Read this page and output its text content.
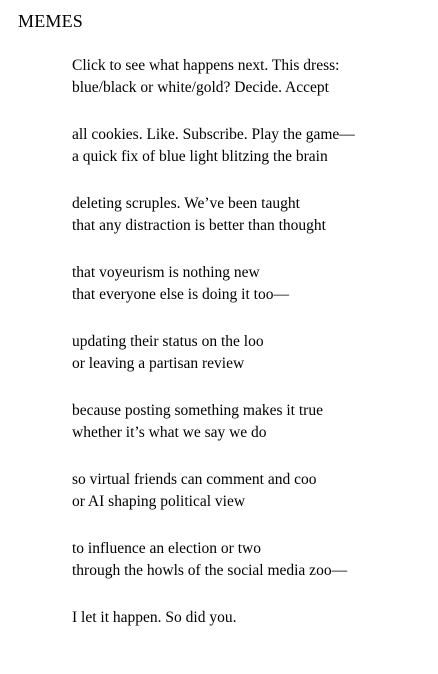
MEMES
Click to see what happens next. This dress:
blue/black or white/gold? Decide. Accept
all cookies. Like. Subscribe. Play the game—
a quick fix of blue light blitzing the brain
deleting scruples. We’ve been taught
that any distraction is better than thought
that voyeurism is nothing new
that everyone else is doing it too—
updating their status on the loo
or leaving a partisan review
because posting something makes it true
whether it’s what we say we do
so virtual friends can comment and coo
or AI shaping political view
to influence an election or two
through the howls of the social media zoo—
I let it happen. So did you.
